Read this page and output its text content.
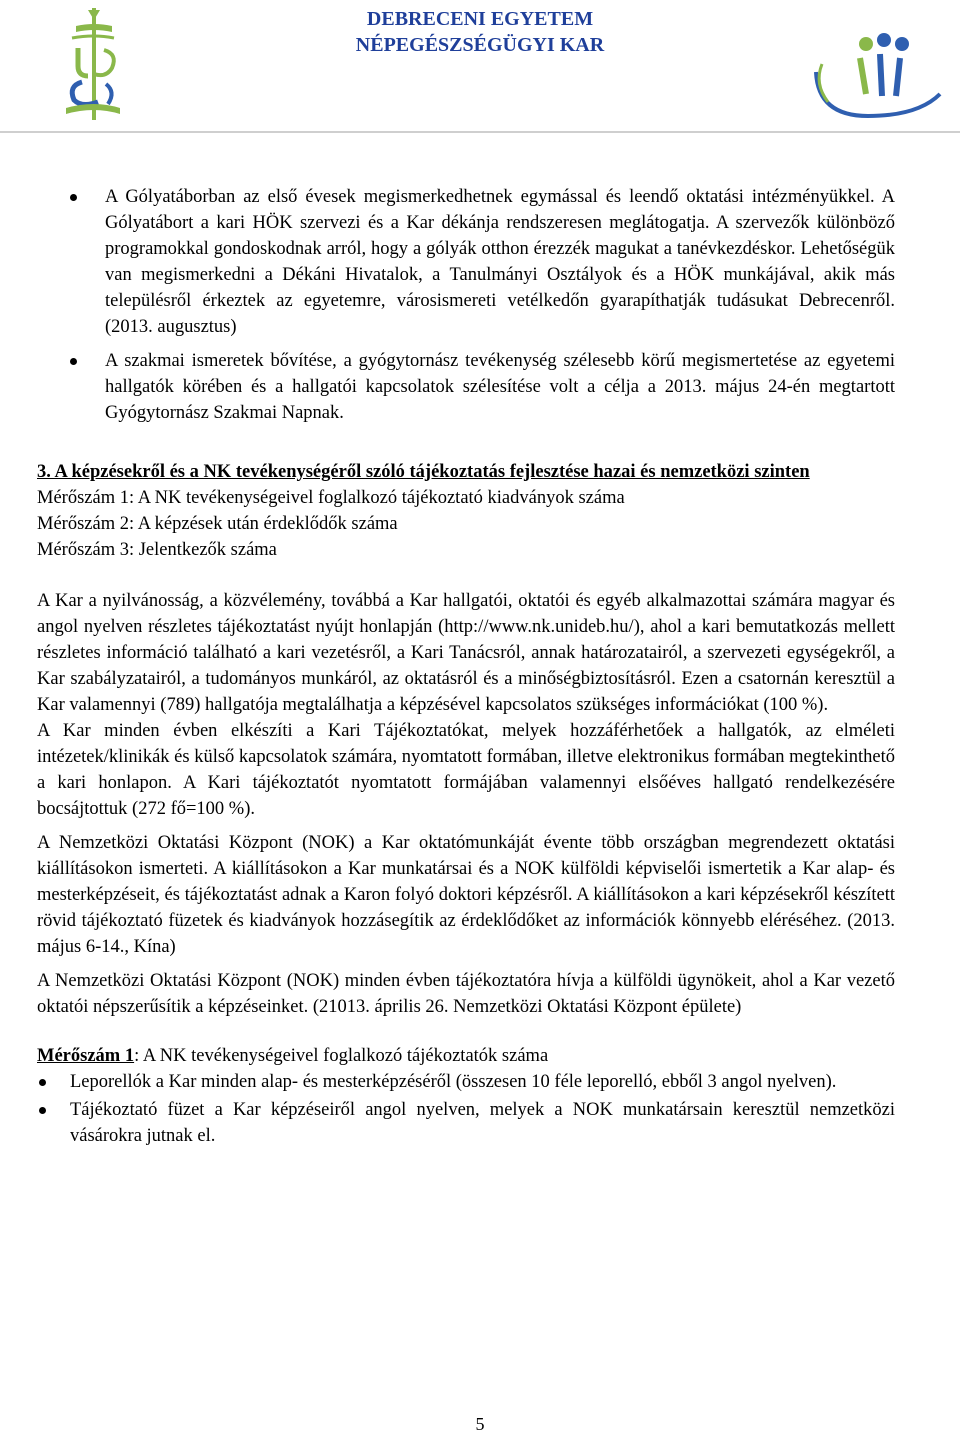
DEBRECENI EGYETEM
NÉPEGÉSZSÉGÜGYI KAR
A Gólyatáborban az első évesek megismerkedhetnek egymással és leendő oktatási intézményükkel. A Gólyatábort a kari HÖK szervezi és a Kar dékánja rendszeresen meglátogatja. A szervezők különböző programokkal gondoskodnak arról, hogy a gólyák otthon érezzék magukat a tanévkezdéskor. Lehetőségük van megismerkedni a Dékáni Hivatalok, a Tanulmányi Osztályok és a HÖK munkájával, akik más településről érkeztek az egyetemre, városismereti vetélkedőn gyarapíthatják tudásukat Debrecenről. (2013. augusztus)
A szakmai ismeretek bővítése, a gyógytornász tevékenység szélesebb körű megismertetése az egyetemi hallgatók körében és a hallgatói kapcsolatok szélesítése volt a célja a 2013. május 24-én megtartott Gyógytornász Szakmai Napnak.

3. A képzésekről és a NK tevékenységéről szóló tájékoztatás fejlesztése hazai és nemzetközi szinten

Mérőszám 1: A NK tevékenységeivel foglalkozó tájékoztató kiadványok száma

Mérőszám 2: A képzések után érdeklődők száma

Mérőszám 3: Jelentkezők száma

A Kar a nyilvánosság, a közvélemény, továbbá a Kar hallgatói, oktatói és egyéb alkalmazottai számára magyar és angol nyelven részletes tájékoztatást nyújt honlapján (http://www.nk.unideb.hu/), ahol a kari bemutatkozás mellett részletes információ található a kari vezetésről, a Kari Tanácsról, annak határozatairól, a szervezeti egységekről, a Kar szabályzatairól, a tudományos munkáról, az oktatásról és a minőségbiztosításról. Ezen a csatornán keresztül a Kar valamennyi (789) hallgatója megtalálhatja a képzésével kapcsolatos szükséges információkat (100 %).

A Kar minden évben elkészíti a Kari Tájékoztatókat, melyek hozzáférhetőek a hallgatók, az elméleti intézetek/klinikák és külső kapcsolatok számára, nyomtatott formában, illetve elektronikus formában megtekinthető a kari honlapon. A Kari tájékoztatót nyomtatott formájában valamennyi elsőéves hallgató rendelkezésére bocsájtottuk (272 fő=100 %).

A Nemzetközi Oktatási Központ (NOK) a Kar oktatómunkáját évente több országban megrendezett oktatási kiállításokon ismerteti. A kiállításokon a Kar munkatársai és a NOK külföldi képviselői ismertetik a Kar alap- és mesterképzéseit, és tájékoztatást adnak a Karon folyó doktori képzésről. A kiállításokon a kari képzésekről készített rövid tájékoztató füzetek és kiadványok hozzásegítik az érdeklődőket az információk könnyebb eléréséhez. (2013. május 6-14., Kína)

A Nemzetközi Oktatási Központ (NOK) minden évben tájékoztatóra hívja a külföldi ügynökeit, ahol a Kar vezető oktatói népszerűsítik a képzéseinket. (21013. április 26. Nemzetközi Oktatási Központ épülete)

Mérőszám 1: A NK tevékenységeivel foglalkozó tájékoztatók száma

Leporellók a Kar minden alap- és mesterképzéséről (összesen 10 féle leporelló, ebből 3 angol nyelven).
Tájékoztató füzet a Kar képzéseiről angol nyelven, melyek a NOK munkatársain keresztül nemzetközi vásárokra jutnak el.
5
